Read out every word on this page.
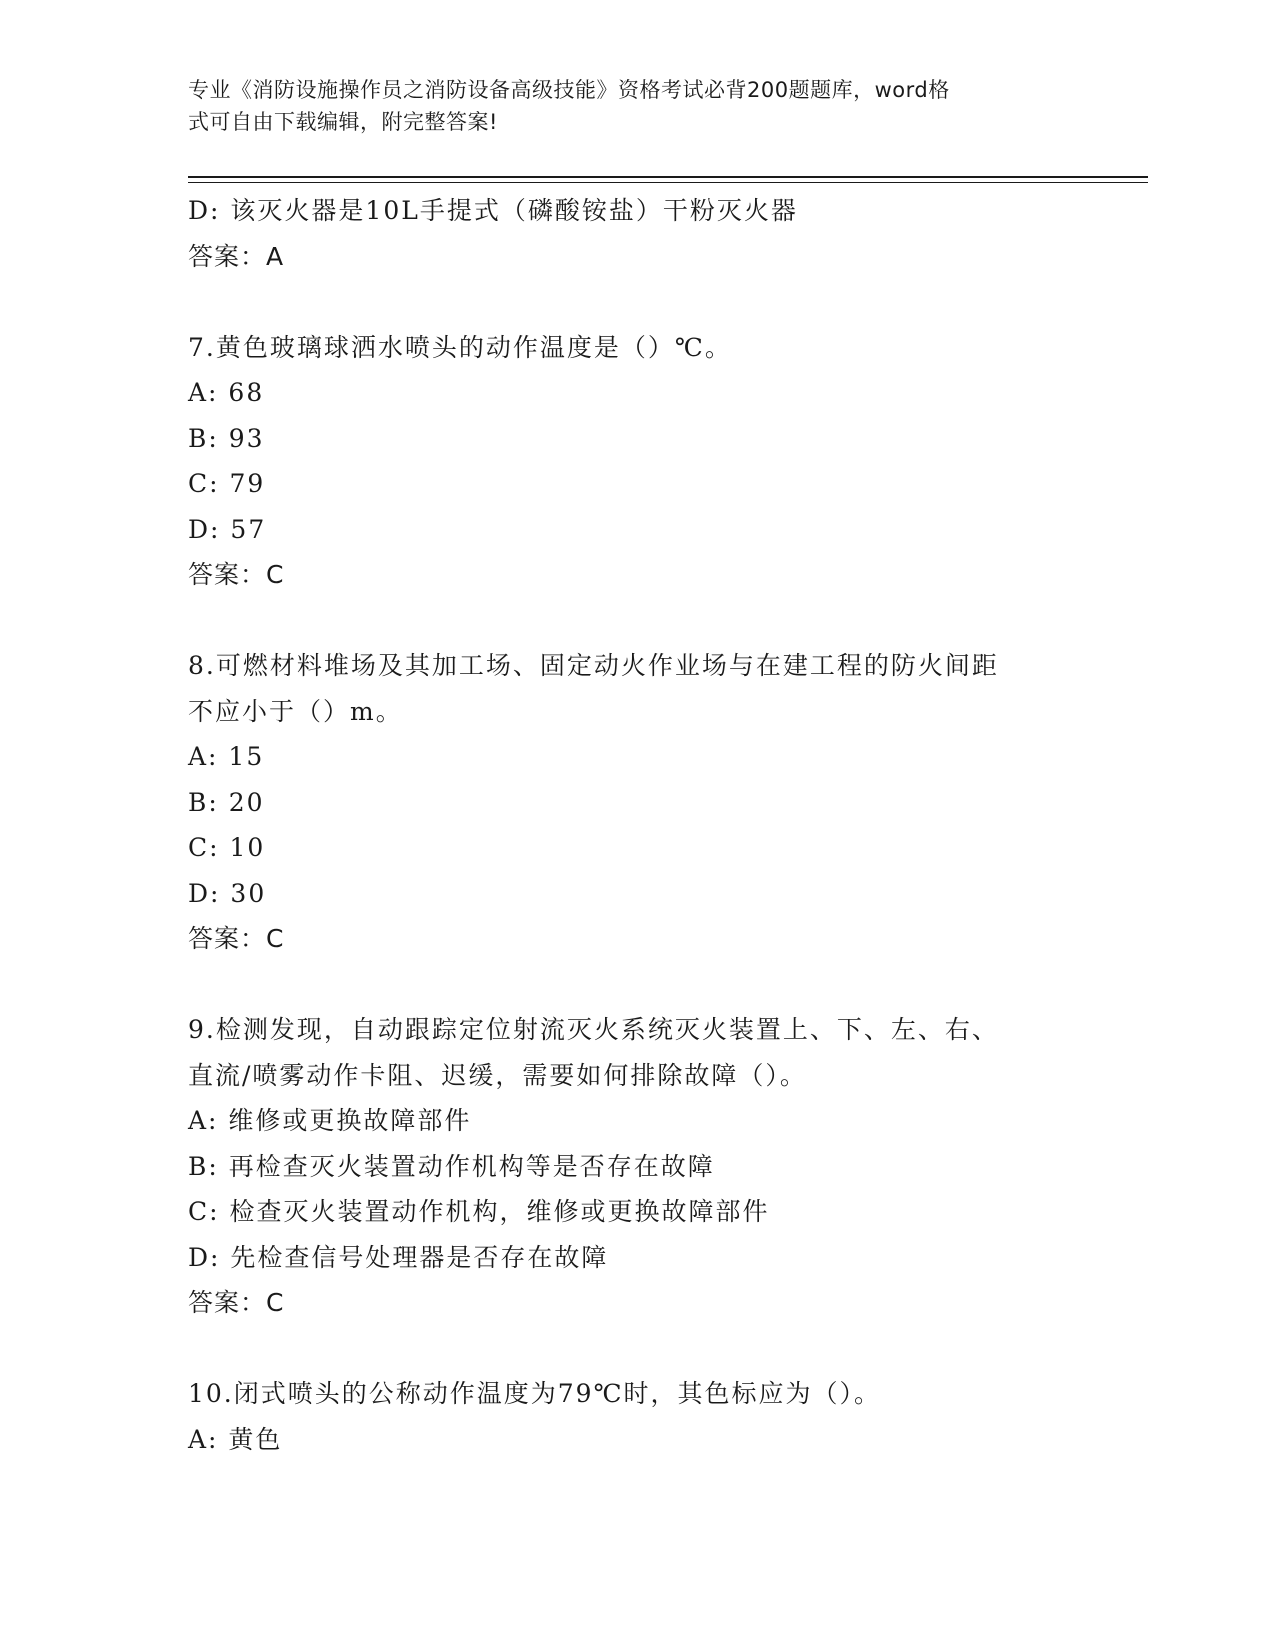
专业《消防设施操作员之消防设备高级技能》资格考试必背200题题库，word格
式可自由下载编辑，附完整答案!
D: 该灭火器是10L手提式（磷酸铵盐）干粉灭火器
答案：A
7.黄色玻璃球洒水喷头的动作温度是（）℃。
A: 68
B: 93
C: 79
D: 57
答案：C
8.可燃材料堆场及其加工场、固定动火作业场与在建工程的防火间距
不应小于（）m。
A: 15
B: 20
C: 10
D: 30
答案：C
9.检测发现，自动跟踪定位射流灭火系统灭火装置上、下、左、右、
直流/喷雾动作卡阻、迟缓，需要如何排除故障（）。
A: 维修或更换故障部件
B: 再检查灭火装置动作机构等是否存在故障
C: 检查灭火装置动作机构，维修或更换故障部件
D: 先检查信号处理器是否存在故障
答案：C
10.闭式喷头的公称动作温度为79℃时，其色标应为（）。
A: 黄色
